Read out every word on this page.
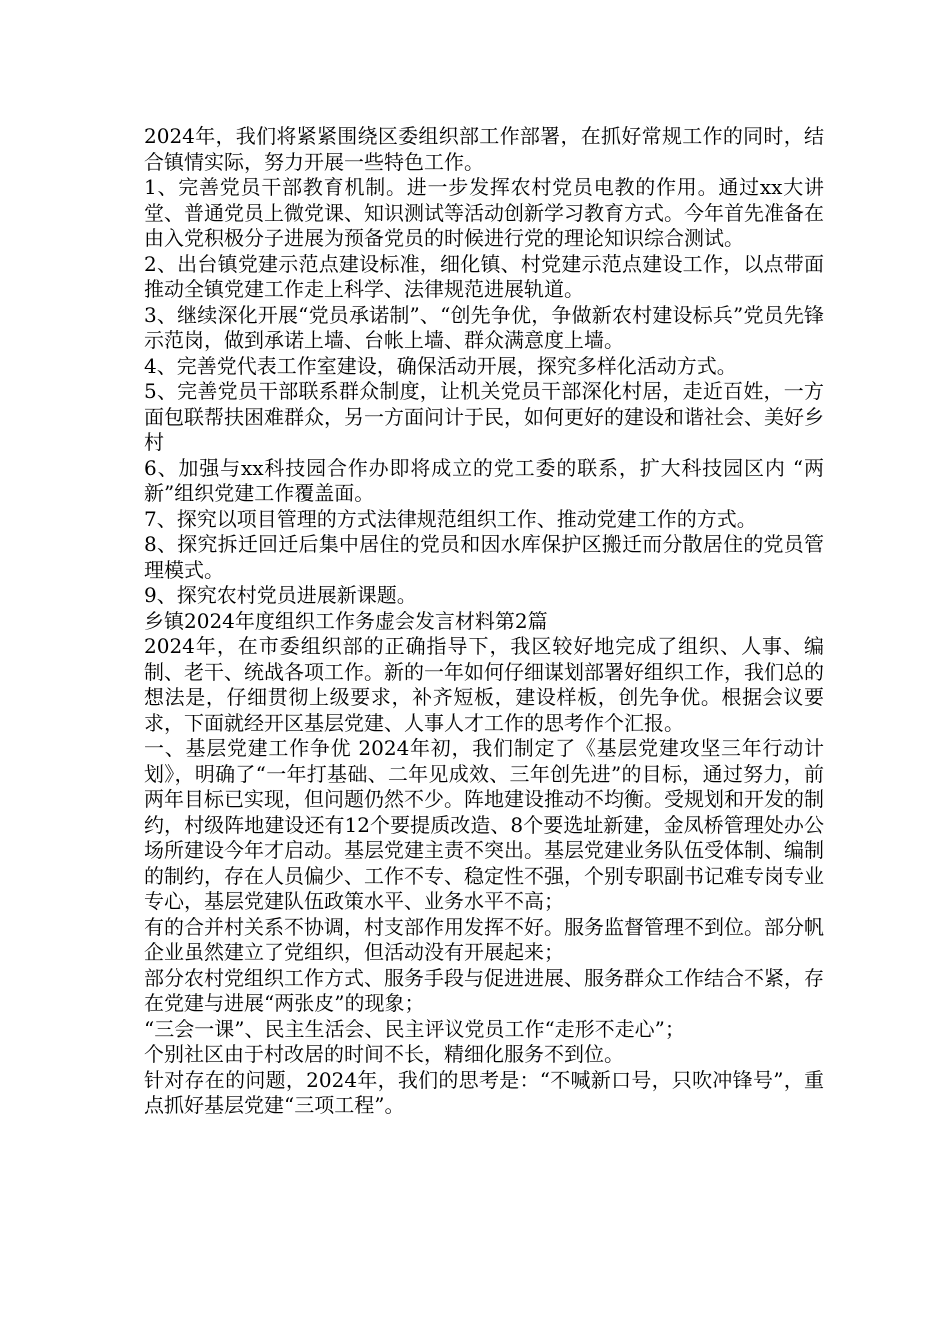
2024年，我们将紧紧围绕区委组织部工作部署，在抓好常规工作的同时，结合镇情实际，努力开展一些特色工作。

1、完善党员干部教育机制。进一步发挥农村党员电教的作用。通过xx大讲堂、普通党员上微党课、知识测试等活动创新学习教育方式。今年首先准备在由入党积极分子进展为预备党员的时候进行党的理论知识综合测试。

2、出台镇党建示范点建设标准，细化镇、村党建示范点建设工作，以点带面推动全镇党建工作走上科学、法律规范进展轨道。

3、继续深化开展“党员承诺制”、“创先争优，争做新农村建设标兵”党员先锋示范岗，做到承诺上墙、台帐上墙、群众满意度上墙。

4、完善党代表工作室建设，确保活动开展，探究多样化活动方式。

5、完善党员干部联系群众制度，让机关党员干部深化村居，走近百姓，一方面包联帮扶困难群众，另一方面问计于民，如何更好的建设和谐社会、美好乡村

6、加强与xx科技园合作办即将成立的党工委的联系，扩大科技园区内 “两新”组织党建工作覆盖面。

7、探究以项目管理的方式法律规范组织工作、推动党建工作的方式。

8、探究拆迁回迁后集中居住的党员和因水库保护区搬迁而分散居住的党员管理模式。

9、探究农村党员进展新课题。

乡镇2024年度组织工作务虚会发言材料第2篇

2024年，在市委组织部的正确指导下，我区较好地完成了组织、人事、编制、老干、统战各项工作。新的一年如何仔细谋划部署好组织工作，我们总的想法是，仔细贯彻上级要求，补齐短板，建设样板，创先争优。根据会议要求，下面就经开区基层党建、人事人才工作的思考作个汇报。

一、基层党建工作争优 2024年初，我们制定了《基层党建攻坚三年行动计划》，明确了“一年打基础、二年见成效、三年创先进”的目标，通过努力，前两年目标已实现，但问题仍然不少。阵地建设推动不均衡。受规划和开发的制约，村级阵地建设还有12个要提质改造、8个要选址新建，金凤桥管理处办公场所建设今年才启动。基层党建主责不突出。基层党建业务队伍受体制、编制的制约，存在人员偏少、工作不专、稳定性不强，个别专职副书记难专岗专业专心，基层党建队伍政策水平、业务水平不高；

有的合并村关系不协调，村支部作用发挥不好。服务监督管理不到位。部分帆企业虽然建立了党组织，但活动没有开展起来；

部分农村党组织工作方式、服务手段与促进进展、服务群众工作结合不紧，存在党建与进展“两张皮”的现象；

“三会一课”、民主生活会、民主评议党员工作“走形不走心”；

个别社区由于村改居的时间不长，精细化服务不到位。

针对存在的问题，2024年，我们的思考是：“不喊新口号，只吹冲锋号”，重点抓好基层党建“三项工程”。
